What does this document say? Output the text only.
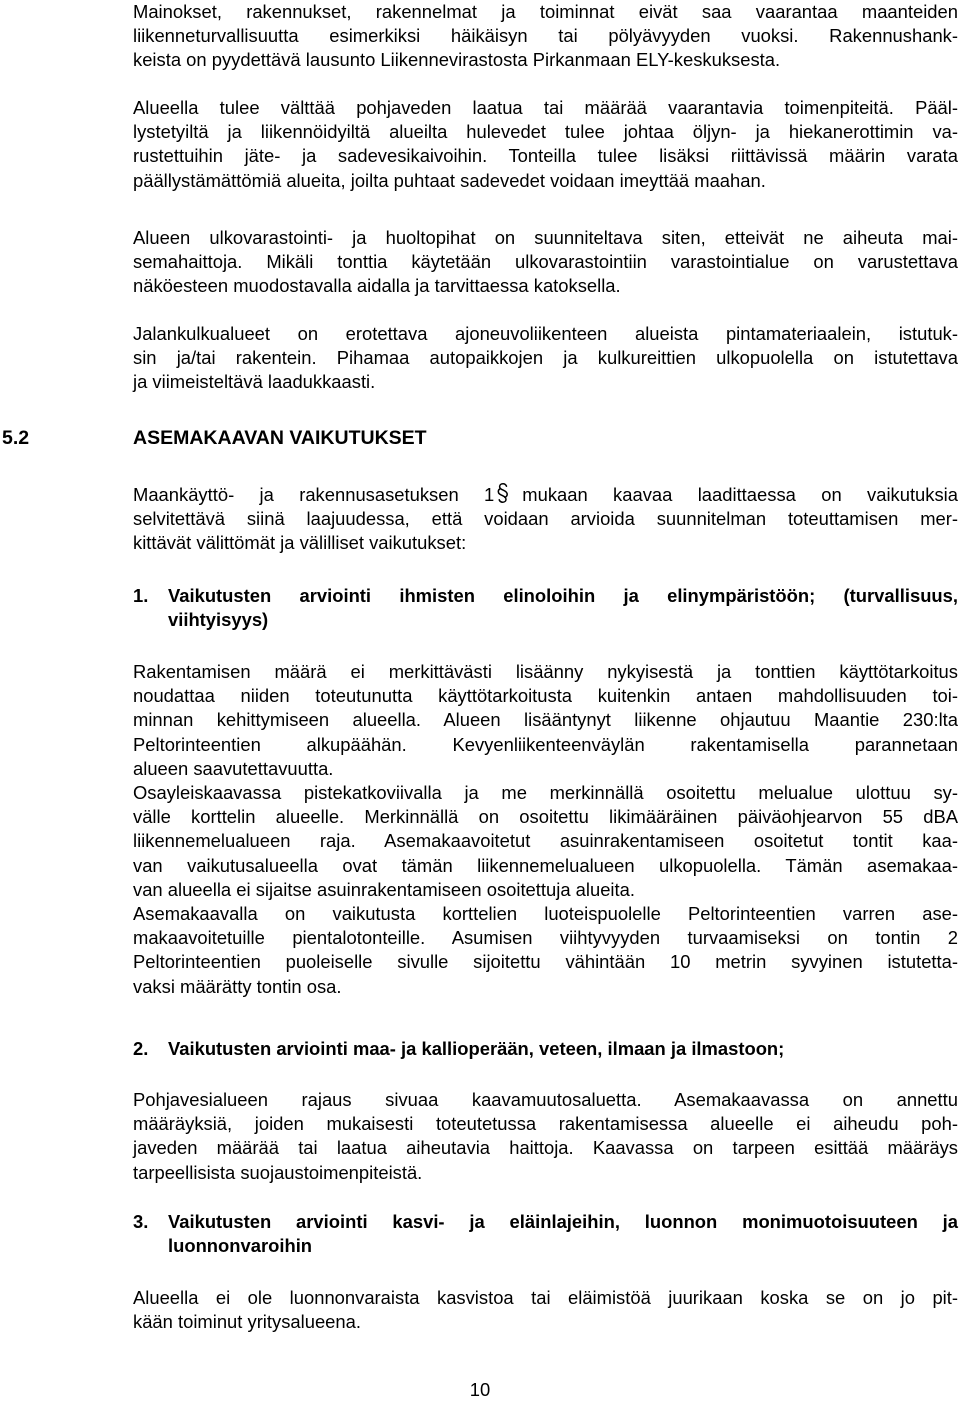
Mainokset, rakennukset, rakennelmat ja toiminnat eivät saa vaarantaa maanteiden
liikenneturvallisuutta esimerkiksi häikäisyn tai pölyävyyden vuoksi. Rakennushank-
keista on pyydettävä lausunto Liikennevirastosta Pirkanmaan ELY-keskuksesta.
Alueella tulee välttää pohjaveden laatua tai määrää vaarantavia toimenpiteitä. Pääl-
lystetyiltä ja liikennöidyiltä alueilta hulevedet tulee johtaa öljyn- ja hiekanerottimin va-
rustettuihin jäte- ja sadevesikaivoihin. Tonteilla tulee lisäksi riittävissä määrin varata
päällystämättömiä alueita, joilta puhtaat sadevedet voidaan imeyttää maahan.
Alueen ulkovarastointi- ja huoltopihat on suunniteltava siten, etteivät ne aiheuta mai-
semahaittoja. Mikäli tonttia käytetään ulkovarastointiin varastointialue on varustettava
näköesteen muodostavalla aidalla ja tarvittaessa katoksella.
Jalankulkualueet on erotettava ajoneuvoliikenteen alueista pintamateriaalein, istutuk-
sin ja/tai rakentein. Pihamaa autopaikkojen ja kulkureittien ulkopuolella on istutettava
ja viimeisteltävä laadukkaasti.
5.2	ASEMAKAAVAN VAIKUTUKSET
Maankäyttö- ja rakennusasetuksen 1 mukaan kaavaa laadittaessa on vaikutuksia
selvitettävä siinä laajuudessa, että voidaan arvioida suunnitelman toteuttamisen mer-
kittävät välittömät ja välilliset vaikutukset:
1. Vaikutusten arviointi ihmisten elinoloihin ja elinympäristöön; (turvallisuus,
viihtyisyys)
Rakentamisen määrä ei merkittävästi lisäänny nykyisestä ja tonttien käyttötarkoitus
noudattaa niiden toteutunutta käyttötarkoitusta kuitenkin antaen mahdollisuuden toi-
minnan kehittymiseen alueella. Alueen lisääntynyt liikenne ohjautuu Maantie 230:lta
Peltorinteentien alkupäähän. Kevyenliikenteenväylän rakentamisella parannetaan
alueen saavutettavuutta.
Osayleiskaavassa pistekatkoviivalla ja me merkinnällä osoitettu melualue ulottuu sy-
välle korttelin alueelle. Merkinnällä on osoitettu likimääräinen päiväohjearvon 55 dBA
liikennemelualueen raja. Asemakaavoitetut asuinrakentamiseen osoitetut tontit kaa-
van vaikutusalueella ovat tämän liikennemelualueen ulkopuolella. Tämän asemakaa-
van alueella ei sijaitse asuinrakentamiseen osoitettuja alueita.
Asemakaavalla on vaikutusta korttelien luoteispuolelle Peltorinteentien varren ase-
makaavoitetuille pientalotonteille. Asumisen viihtyvyyden turvaamiseksi on tontin 2
Peltorinteentien puoleiselle sivulle sijoitettu vähintään 10 metrin syvyinen istutetta-
vaksi määrätty tontin osa.
2. Vaikutusten arviointi maa- ja kallioperään, veteen, ilmaan ja ilmastoon;
Pohjavesialueen rajaus sivuaa kaavamuutosaluetta. Asemakaavassa on annettu
määräyksiä, joiden mukaisesti toteutetussa rakentamisessa alueelle ei aiheudu poh-
javeden määrää tai laatua aiheutavia haittoja. Kaavassa on tarpeen esittää määräys
tarpeellisista suojaustoimenpiteistä.
3. Vaikutusten arviointi kasvi- ja eläinlajeihin, luonnon monimuotoisuuteen ja
luonnonvaroihin
Alueella ei ole luonnonvaraista kasvistoa tai eläimistöä juurikaan koska se on jo pit-
kään toiminut yritysalueena.
10
